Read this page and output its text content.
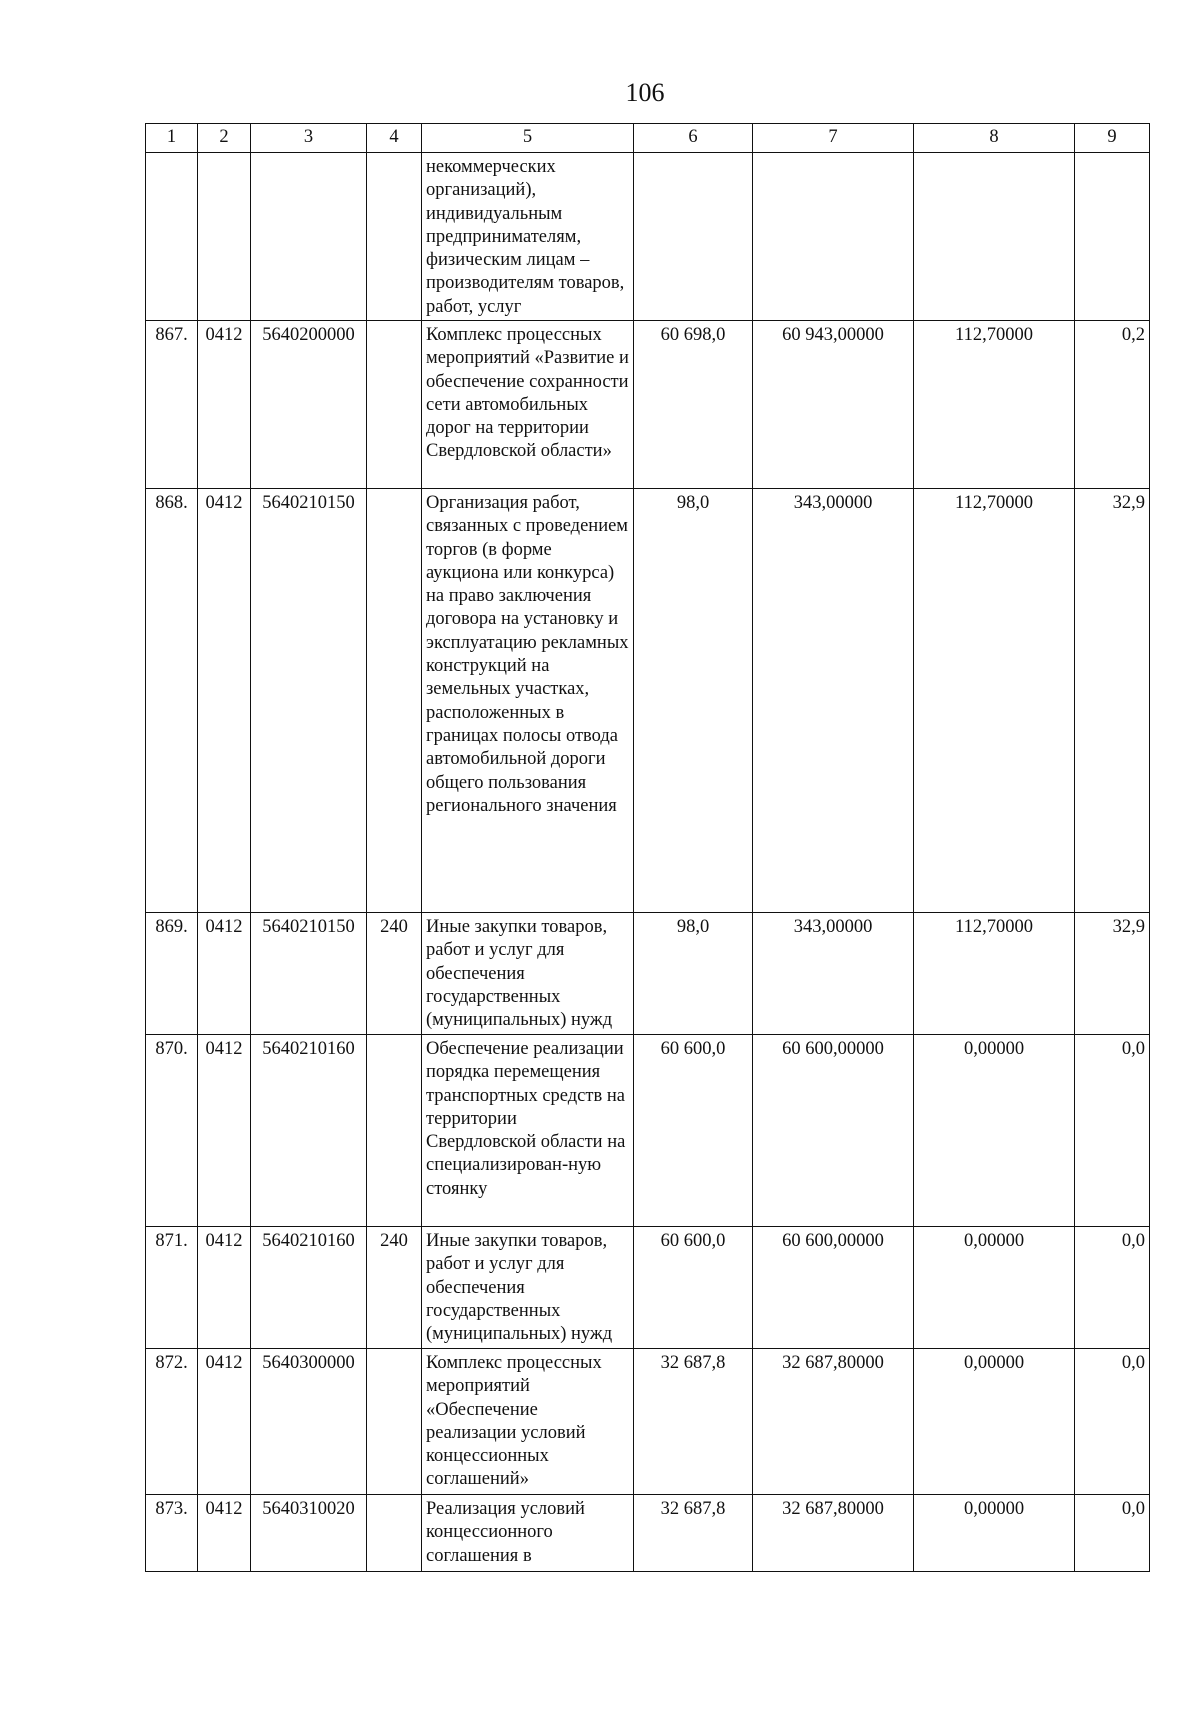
106
1	2	3	4	5	6	7	8	9
				некоммерческих организаций), индивидуальным предпринимателям, физическим лицам – производителям товаров, работ, услуг				
867.	0412	5640200000		Комплекс процессных мероприятий «Развитие и обеспечение сохранности сети автомобильных дорог на территории Свердловской области»	60 698,0	60 943,00000	112,70000	0,2
868.	0412	5640210150		Организация работ, связанных с проведением торгов (в форме аукциона или конкурса) на право заключения договора на установку и эксплуатацию рекламных конструкций на земельных участках, расположенных в границах полосы отвода автомобильной дороги общего пользования регионального значения	98,0	343,00000	112,70000	32,9
869.	0412	5640210150	240	Иные закупки товаров, работ и услуг для обеспечения государственных (муниципальных) нужд	98,0	343,00000	112,70000	32,9
870.	0412	5640210160		Обеспечение реализации порядка перемещения транспортных средств на территории Свердловской области на специализирован-ную стоянку	60 600,0	60 600,00000	0,00000	0,0
871.	0412	5640210160	240	Иные закупки товаров, работ и услуг для обеспечения государственных (муниципальных) нужд	60 600,0	60 600,00000	0,00000	0,0
872.	0412	5640300000		Комплекс процессных мероприятий «Обеспечение реализации условий концессионных соглашений»	32 687,8	32 687,80000	0,00000	0,0
873.	0412	5640310020		Реализация условий концессионного соглашения в	32 687,8	32 687,80000	0,00000	0,0
